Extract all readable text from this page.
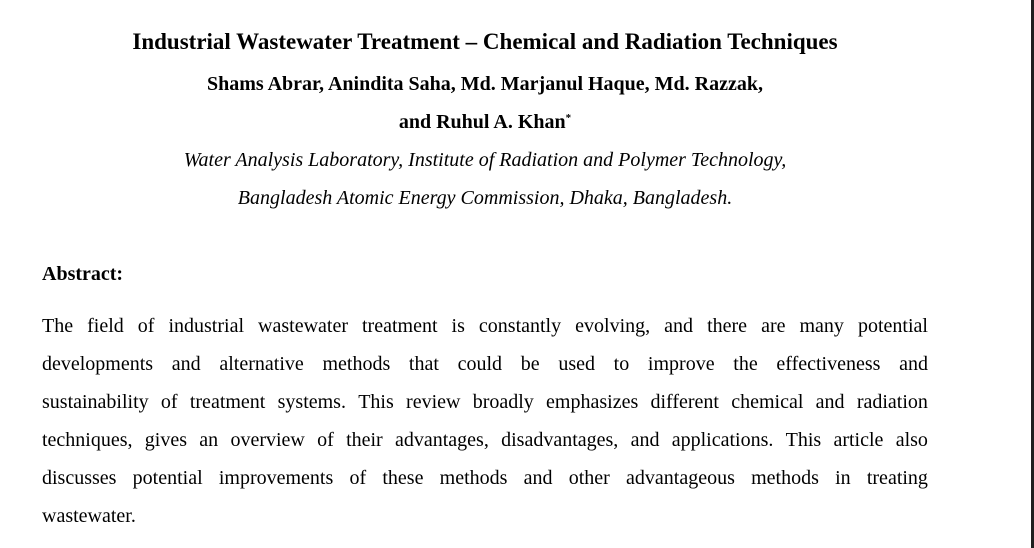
Industrial Wastewater Treatment – Chemical and Radiation Techniques
Shams Abrar, Anindita Saha, Md. Marjanul Haque, Md. Razzak,
and Ruhul A. Khan*
Water Analysis Laboratory, Institute of Radiation and Polymer Technology,
Bangladesh Atomic Energy Commission, Dhaka, Bangladesh.
Abstract:
The field of industrial wastewater treatment is constantly evolving, and there are many potential
developments and alternative methods that could be used to improve the effectiveness and
sustainability of treatment systems. This review broadly emphasizes different chemical and radiation
techniques, gives an overview of their advantages, disadvantages, and applications. This article also
discusses potential improvements of these methods and other advantageous methods in treating
wastewater.
